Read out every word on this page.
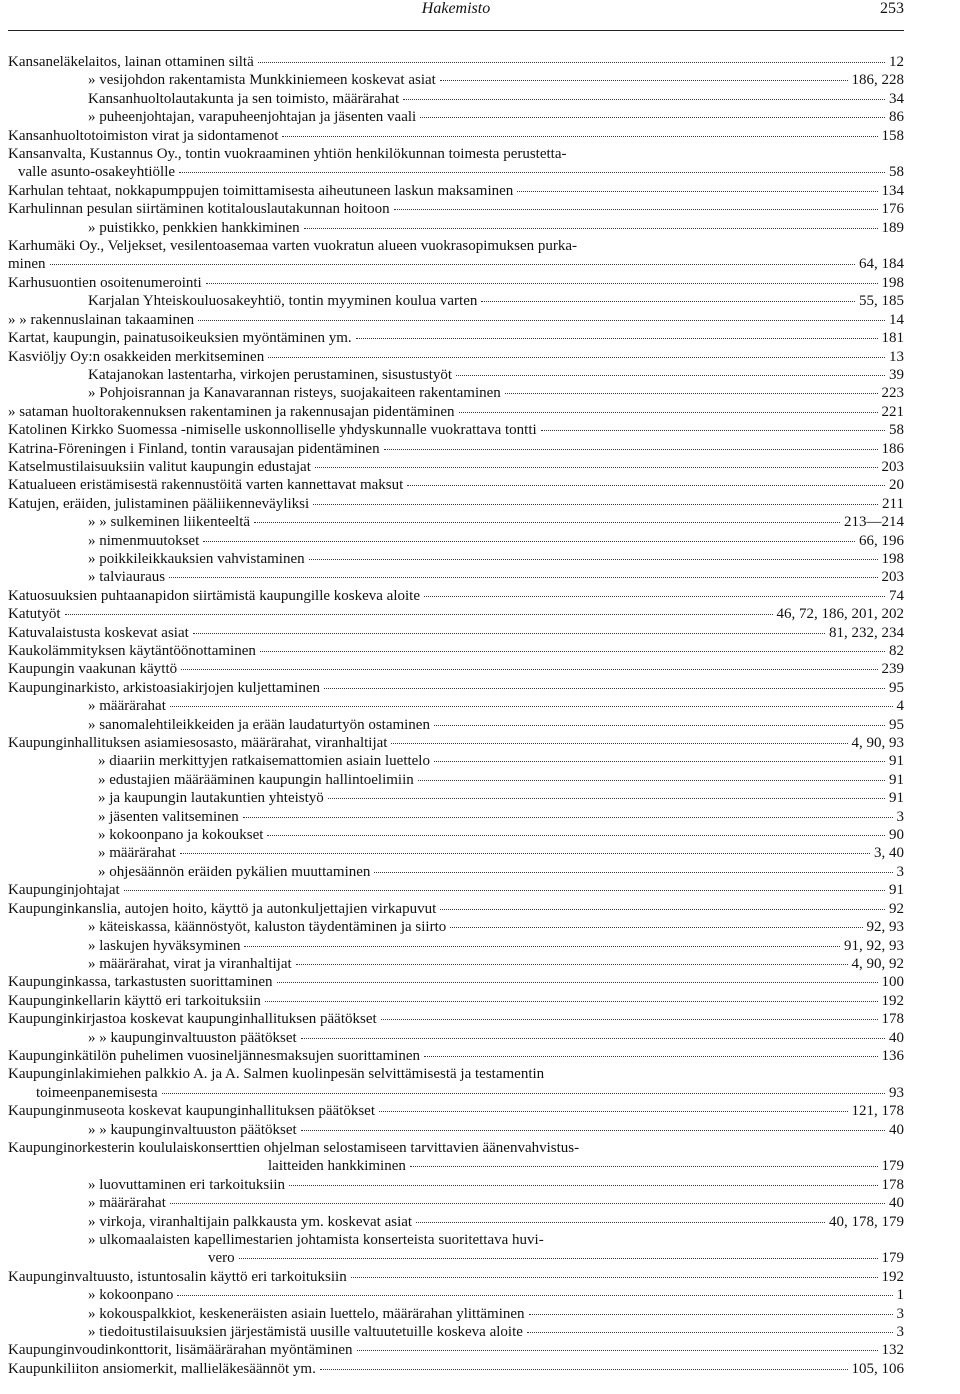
Hakemisto	253
Kansaneläkelaitos, lainan ottaminen siltä	12
» vesijohdon rakentamista Munkkiniemeen koskevat asiat	186, 228
Kansanhuoltolautakunta ja sen toimisto, määrärahat	34
» puheenjohtajan, varapuheenjohtajan ja jäsenten vaali	86
Kansanhuoltotoimiston virat ja sidontamenot	158
Kansanvalta, Kustannus Oy., tontin vuokraaminen yhtiön henkilökunnan toimesta perustetta-
valle asunto-osakeyhtiölle	58
Karhulan tehtaat, nokkapumppujen toimittamisesta aiheutuneen laskun maksaminen	134
Karhulinnan pesulan siirtäminen kotitalouslautakunnan hoitoon	176
» puistikko, penkkien hankkiminen	189
Karhumäki Oy., Veljekset, vesilentoasemaa varten vuokratun alueen vuokrasopimuksen purka-
minen	64, 184
Karhusuontien osoitenumerointi	198
Karjalan Yhteiskouluosakeyhtiö, tontin myyminen koulua varten	55, 185
» » rakennuslainan takaaminen	14
Kartat, kaupungin, painatusoikeuksien myöntäminen ym.	181
Kasviöljy Oy:n osakkeiden merkitseminen	13
Katajanokan lastentarha, virkojen perustaminen, sisustustyöt	39
» Pohjoisrannan ja Kanavarannan risteys, suojakaiteen rakentaminen	223
» sataman huoltorakennuksen rakentaminen ja rakennusajan pidentäminen	221
Katolinen Kirkko Suomessa -nimiselle uskonnolliselle yhdyskunnalle vuokrattava tontti	58
Katrina-Föreningen i Finland, tontin varausajan pidentäminen	186
Katselmustilaisuuksiin valitut kaupungin edustajat	203
Katualueen eristämisestä rakennustöitä varten kannettavat maksut	20
Katujen, eräiden, julistaminen pääliikenneväyliksi	211
» » sulkeminen liikenteeltä	213—214
» nimenmuutokset	66, 196
» poikkileikkauksien vahvistaminen	198
» talviauraus	203
Katuosuuksien puhtaanapidon siirtämistä kaupungille koskeva aloite	74
Katutyöt	46, 72, 186, 201, 202
Katuvalaistusta koskevat asiat	81, 232, 234
Kaukolämmityksen käytäntöönottaminen	82
Kaupungin vaakunan käyttö	239
Kaupunginarkisto, arkistoasiakirjojen kuljettaminen	95
» määrärahat	4
» sanomalehtileikkeiden ja erään laudaturtyön ostaminen	95
Kaupunginhallituksen asiamiesosasto, määrärahat, viranhaltijat	4, 90, 93
» diaariin merkittyjen ratkaisemattomien asiain luettelo	91
» edustajien määrääminen kaupungin hallintoelimiin	91
» ja kaupungin lautakuntien yhteistyö	91
» jäsenten valitseminen	3
» kokoonpano ja kokoukset	90
» määrärahat	3, 40
» ohjesäännön eräiden pykälien muuttaminen	3
Kaupunginjohtajat	91
Kaupunginkanslia, autojen hoito, käyttö ja autonkuljettajien virkapuvut	92
» käteiskassa, käännöstyöt, kaluston täydentäminen ja siirto	92, 93
» laskujen hyväksyminen	91, 92, 93
» määrärahat, virat ja viranhaltijat	4, 90, 92
Kaupunginkassa, tarkastusten suorittaminen	100
Kaupunginkellarin käyttö eri tarkoituksiin	192
Kaupunginkirjastoa koskevat kaupunginhallituksen päätökset	178
» » kaupunginvaltuuston päätökset	40
Kaupunginkätilön puhelimen vuosineljännesmaksujen suorittaminen	136
Kaupunginlakimiehen palkkio A. ja A. Salmen kuolinpesän selvittämisestä ja testamentin
toimeenpanemisesta	93
Kaupunginmuseota koskevat kaupunginhallituksen päätökset	121, 178
» » kaupunginvaltuuston päätökset	40
Kaupunginorkesterin koululaiskonserttien ohjelman selostamiseen tarvittavien äänenvahvistus-
laitteiden hankkiminen	179
» luovuttaminen eri tarkoituksiin	178
» määrärahat	40
» virkoja, viranhaltijain palkkausta ym. koskevat asiat	40, 178, 179
» ulkomaalaisten kapellimestarien johtamista konserteista suoritettava huvi-
vero	179
Kaupunginvaltuusto, istuntosalin käyttö eri tarkoituksiin	192
» kokoonpano	1
» kokouspalkkiot, keskeneräisten asiain luettelo, määrärahan ylittäminen	3
» tiedoitustilaisuuksien järjestämistä uusille valtuutetuille koskeva aloite	3
Kaupunginvoudinkonttorit, lisämäärärahan myöntäminen	132
Kaupunkiliiton ansiomerkit, mallieläkesäännöt ym.	105, 106
